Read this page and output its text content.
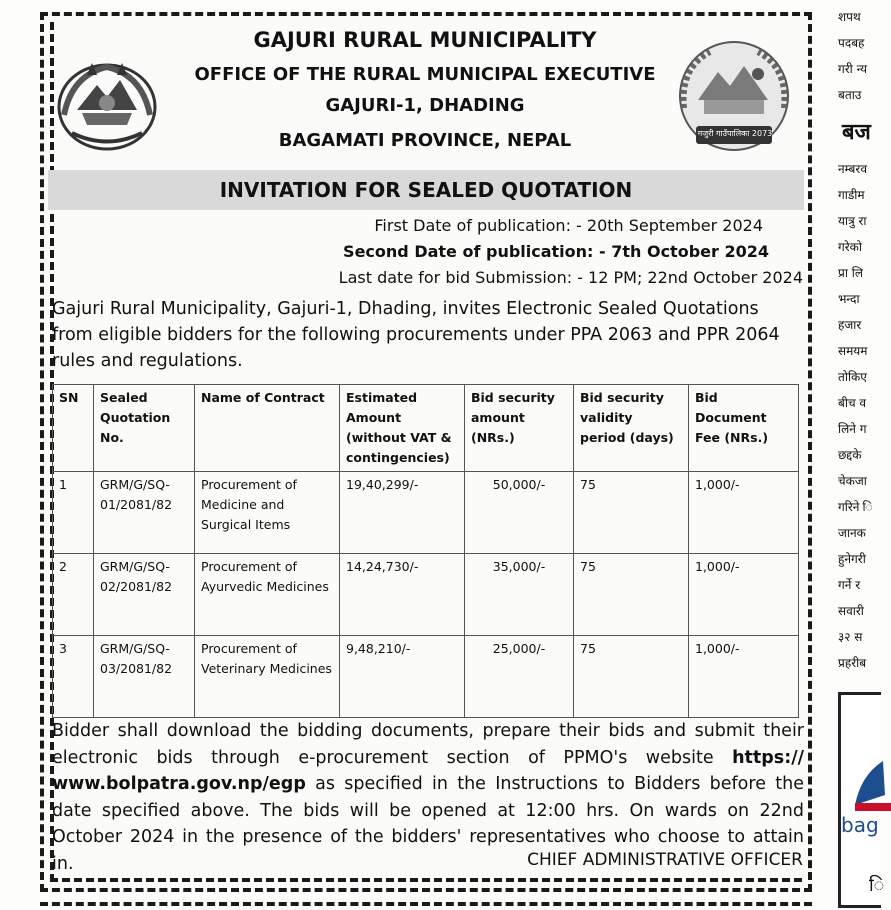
गजुरी गाउँपालिका 2073
GAJURI RURAL MUNICIPALITY
OFFICE OF THE RURAL MUNICIPAL EXECUTIVE
GAJURI-1, DHADING
BAGAMATI PROVINCE, NEPAL
INVITATION FOR SEALED QUOTATION
First Date of publication: - 20th September 2024
Second Date of publication: - 7th October 2024
Last date for bid Submission: - 12 PM; 22nd October 2024
Gajuri Rural Municipality, Gajuri-1, Dhading, invites Electronic Sealed Quotations from eligible bidders for the following procurements under PPA 2063 and PPR 2064 rules and regulations.
SN	Sealed Quotation No.	Name of Contract	Estimated Amount (without VAT & contingencies)	Bid security amount (NRs.)	Bid security validity period (days)	Bid Document Fee (NRs.)
1	GRM/G/SQ-01/2081/82	Procurement of Medicine and Surgical Items	19,40,299/-	50,000/-	75	1,000/-
2	GRM/G/SQ-02/2081/82	Procurement of Ayurvedic Medicines	14,24,730/-	35,000/-	75	1,000/-
3	GRM/G/SQ-03/2081/82	Procurement of Veterinary Medicines	9,48,210/-	25,000/-	75	1,000/-
Bidder shall download the bidding documents, prepare their bids and submit their electronic bids through e-procurement section of PPMO's website https:// www.bolpatra.gov.np/egp as specified in the Instructions to Bidders before the date specified above. The bids will be opened at 12:00 hrs. On wards on 22nd October 2024 in the presence of the bidders' representatives who choose to attain in.	CHIEF ADMINISTRATIVE OFFICER
शपथ
पदबह
गरी न्य
बताउ
बज
नम्बरव
गाडीम
यात्रु रा
गरेको
प्रा लि
भन्दा
हजार
समयम
तोकिए
बीच व
लिने ग
छद्दके
चेकजा
गरिने ि
जानक
हुनेगरी
गर्ने र
सवारी
३२ स
प्रहरीब
bag
ि
